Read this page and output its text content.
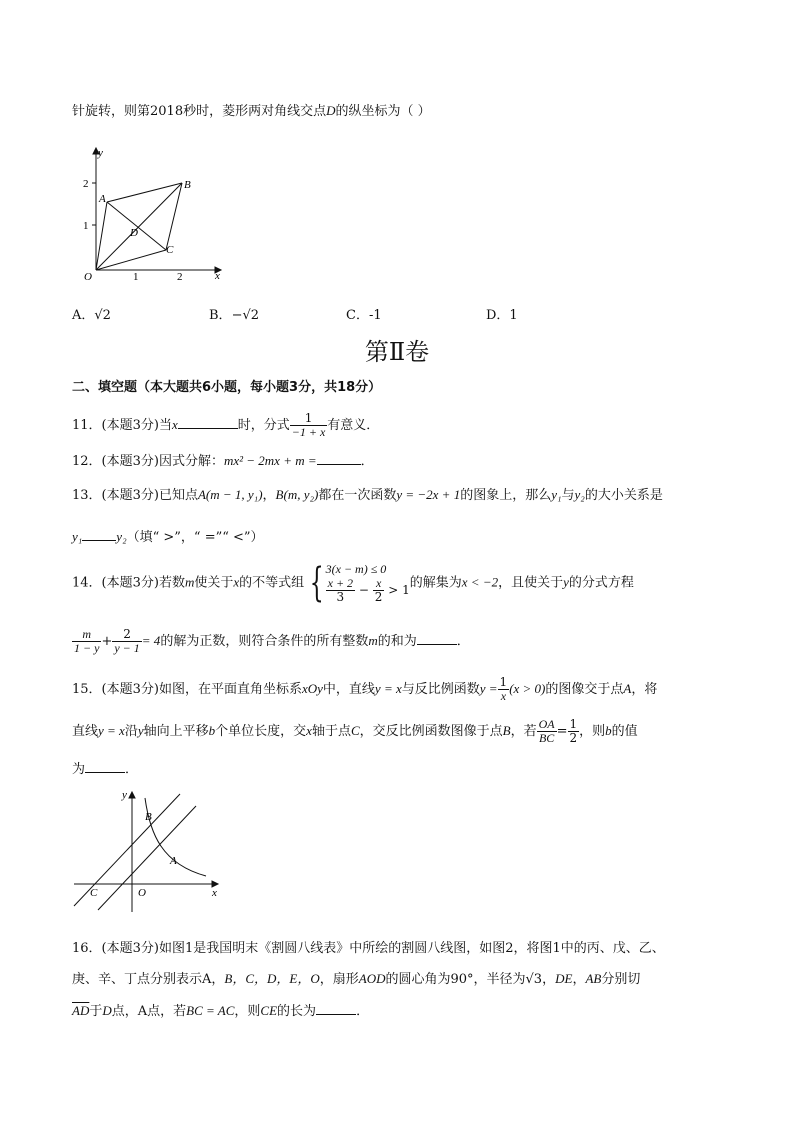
针旋转，则第2018秒时，菱形两对角线交点D的纵坐标为（ ）
y
x
O	1	2
1
2
A
B
C
D
A．√2	B．−√2	C．-1	D．1
第Ⅱ卷
二、填空题（本大题共6小题，每小题3分，共18分）
11．(本题3分)当x	时，分式 $\frac{1}{-1 + x}$ 有意义．
12．(本题3分)因式分解：mx² − 2mx + m =	．
13．(本题3分)已知点A(m − 1, y₁)，B(m, y₂)都在一次函数y = −2x + 1的图象上，那么y₁与y₂的大小关系是
y₁	y₂（填“ >”，“ =”“ <”）
14．(本题3分)若数m使关于x的不等式组 { 3(x − m) ≤ 0
$\frac{x + 2}{3} - \frac{x}{2} > 1$ 的解集为x < −2，且使关于y的分式方程
$\frac{m}{1 - y} + \frac{2}{y - 1} = 4$的解为正数，则符合条件的所有整数m的和为	．
15．(本题3分)如图，在平面直角坐标系xOy中，直线y = x与反比例函数$y = \frac{1}{x} (x > 0)$的图像交于点A，将
直线y = x沿y轴向上平移b个单位长度，交x轴于点C，交反比例函数图像于点B，若 $\frac{OA}{BC} = \frac{1}{2}$ ，则b的值
为	．
y
x
O
C
B
A
16．(本题3分)如图1是我国明末《割圆八线表》中所绘的割圆八线图，如图2，将图1中的丙、戊、乙、
庚、辛、丁点分别表示A，B，C，D，E，O，扇形AOD的圆心角为90°，半径为√3，DE，AB分别切
$\overline{AD}$于D点，A点，若BC = AC，则CE的长为	．
